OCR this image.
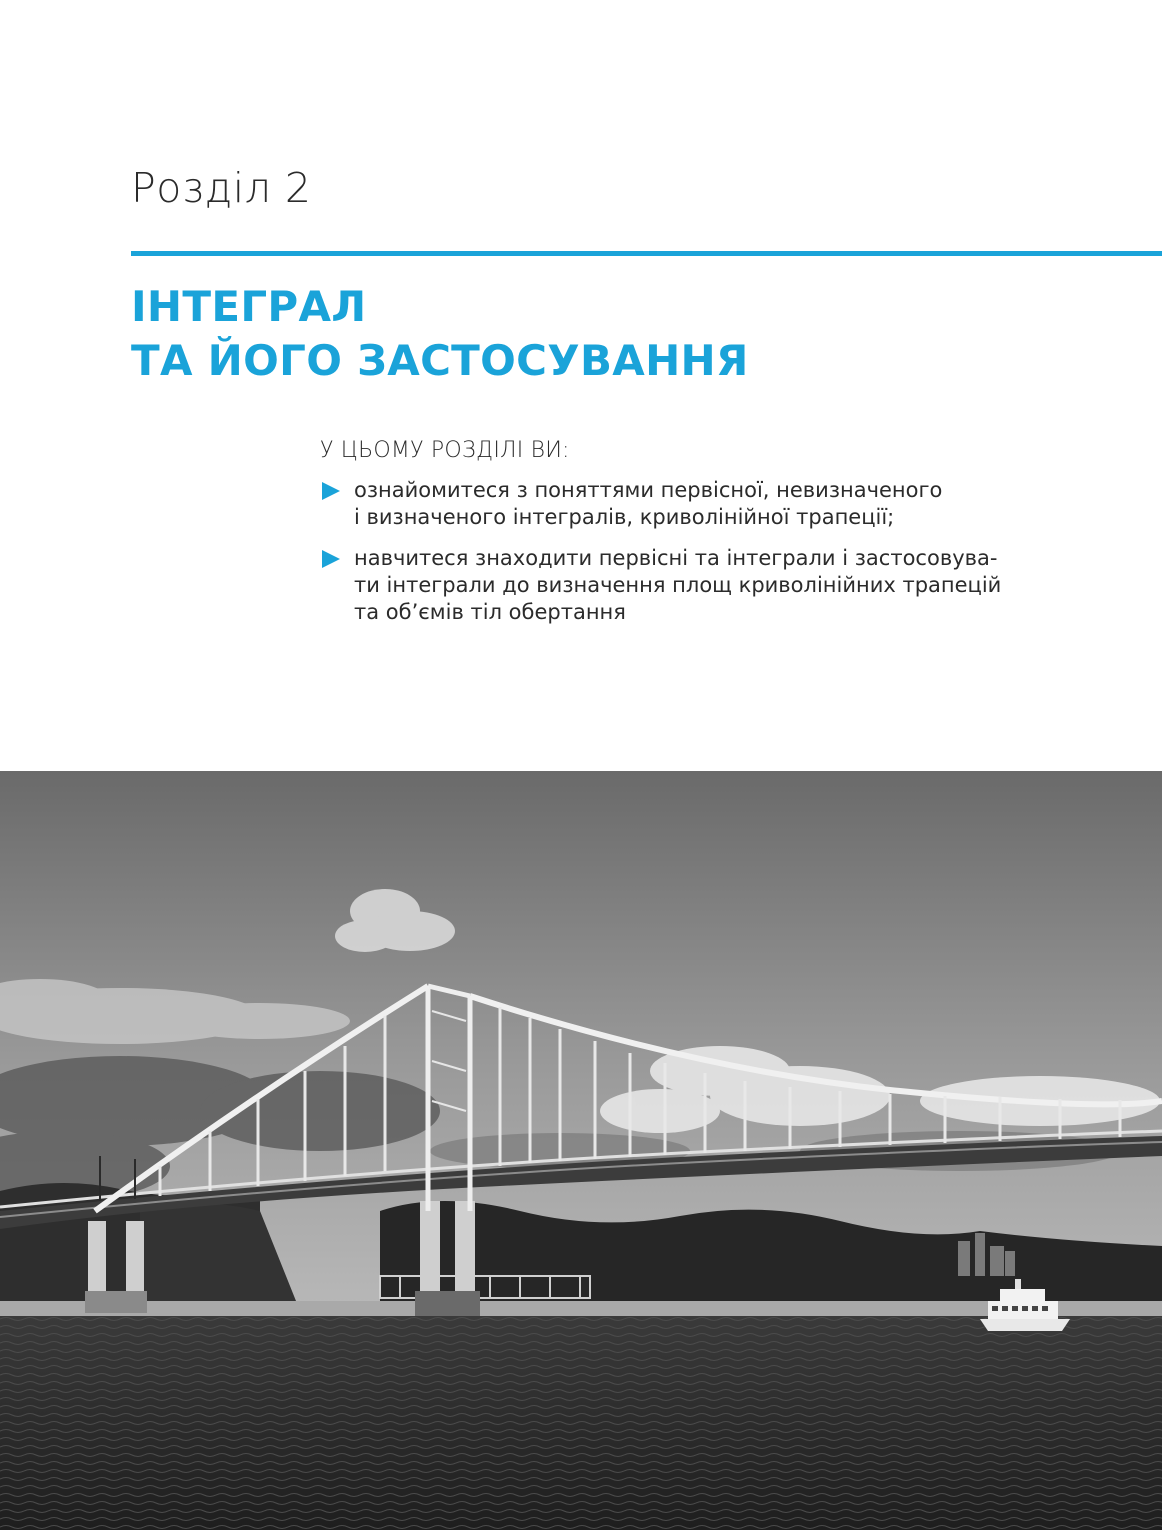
Розділ 2
ІНТЕГРАЛ
ТА ЙОГО ЗАСТОСУВАННЯ
У ЦЬОМУ РОЗДІЛІ ВИ:
ознайомитеся з поняттями первісної, невизначеного
і визначеного інтегралів, криволінійної трапеції;
навчитеся знаходити первісні та інтеграли і застосовува-
ти інтеграли до визначення площ криволінійних трапецій
та об’ємів тіл обертання
